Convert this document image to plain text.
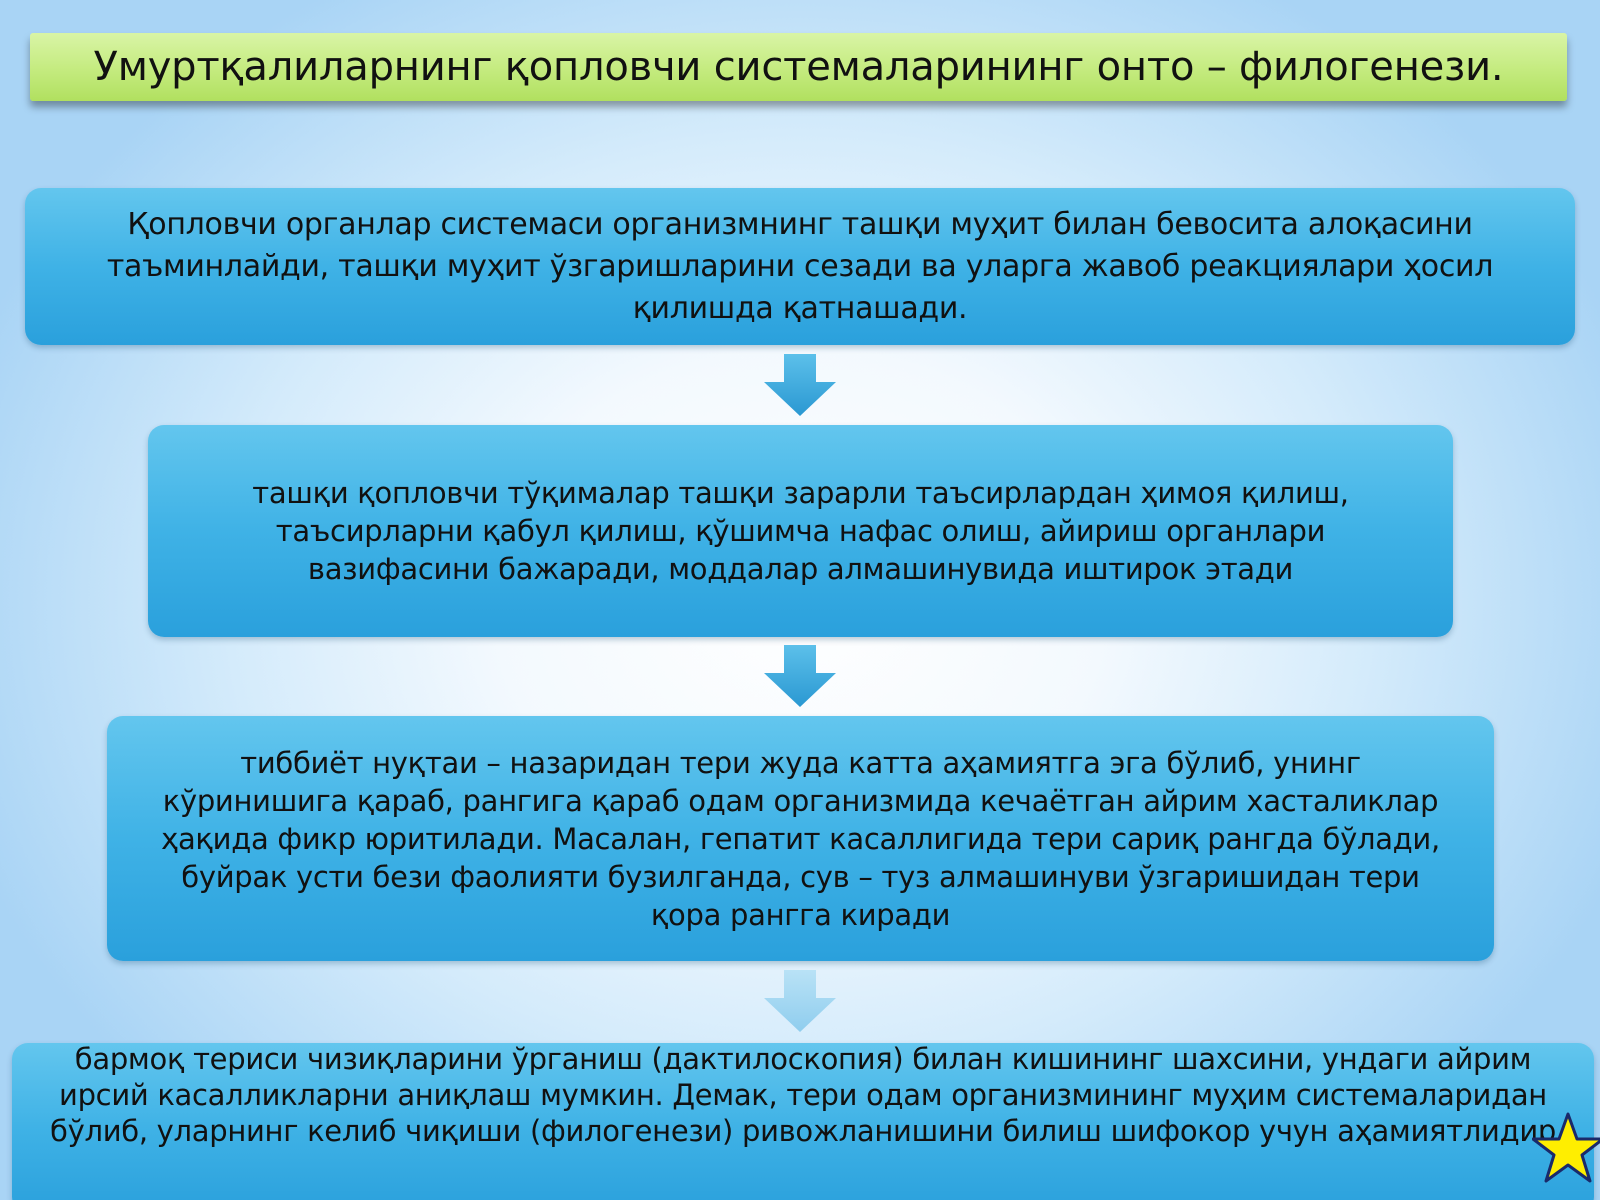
Умуртқалиларнинг қопловчи системаларининг онто – филогенези.
Қопловчи органлар системаси организмнинг ташқи муҳит билан бевосита алоқасини таъминлайди, ташқи муҳит ўзгаришларини сезади ва уларга жавоб реакциялари ҳосил қилишда қатнашади.
ташқи қопловчи тўқималар ташқи зарарли таъсирлардан ҳимоя қилиш, таъсирларни қабул қилиш, қўшимча нафас олиш, айириш органлари вазифасини бажаради, моддалар алмашинувида иштирок этади
тиббиёт нуқтаи – назаридан тери жуда катта аҳамиятга эга бўлиб, унинг кўринишига қараб, рангига қараб одам организмида кечаётган айрим хасталиклар ҳақида фикр юритилади. Масалан, гепатит касаллигида тери сариқ рангда бўлади, буйрак усти бези фаолияти бузилганда, сув – туз алмашинуви ўзгаришидан тери қора рангга киради
бармоқ териси чизиқларини ўрганиш (дактилоскопия) билан кишининг шахсини, ундаги айрим ирсий касалликларни аниқлаш мумкин. Демак, тери одам организмининг муҳим системаларидан бўлиб, уларнинг келиб чиқиши (филогенези) ривожланишини билиш шифокор учун аҳамиятлидир
